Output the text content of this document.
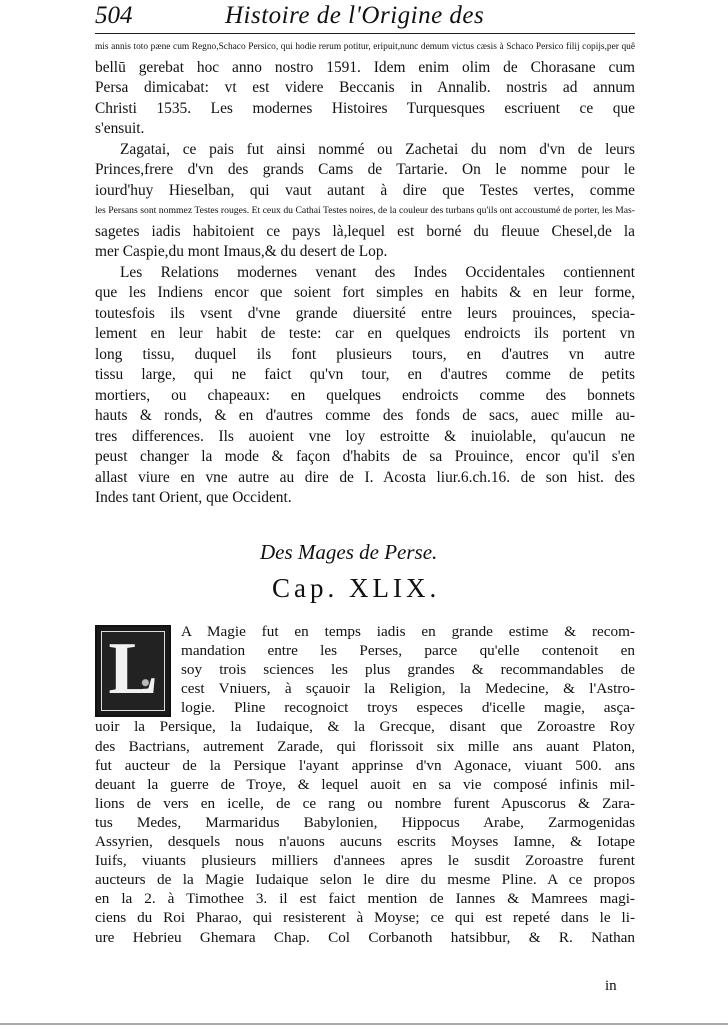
504	Histoire de l'Origine des
mis annis toto pæne cum Regno,Schaco Persico, qui hodie rerum potitur, eripuit,nunc demum victus cæsis à Schaco Persico filij copijs,per quê
bellū gerebat hoc anno nostro 1591. Idem enim olim de Chorasane cum
Persa dimicabat: vt est videre Beccanis in Annalib. nostris ad annum
Christi 1535. Les modernes Histoires Turquesques escriuent ce que
s'ensuit.
Zagatai, ce pais fut ainsi nommé ou Zachetai du nom d'vn de leurs
Princes,frere d'vn des grands Cams de Tartarie. On le nomme pour le
iourd'huy Hieselban, qui vaut autant à dire que Testes vertes, comme
les Persans sont nommez Testes rouges. Et ceux du Cathai Testes noires, de la couleur des turbans qu'ils ont accoustumé de porter, les Mas-
sagetes iadis habitoient ce pays là,lequel est borné du fleuue Chesel,de la
mer Caspie,du mont Imaus,& du desert de Lop.
Les Relations modernes venant des Indes Occidentales contiennent
que les Indiens encor que soient fort simples en habits & en leur forme,
toutesfois ils vsent d'vne grande diuersité entre leurs prouinces, specia-
lement en leur habit de teste: car en quelques endroicts ils portent vn
long tissu, duquel ils font plusieurs tours, en d'autres vn autre
tissu large, qui ne faict qu'vn tour, en d'autres comme de petits
mortiers, ou chapeaux: en quelques endroicts comme des bonnets
hauts & ronds, & en d'autres comme des fonds de sacs, auec mille au-
tres differences. Ils auoient vne loy estroitte & inuiolable, qu'aucun ne
peust changer la mode & façon d'habits de sa Prouince, encor qu'il s'en
allast viure en vne autre au dire de I. Acosta liur.6.ch.16. de son hist. des
Indes tant Orient, que Occident.
Des Mages de Perse.
Cap. XLIX.
L	A Magie fut en temps iadis en grande estime & recom-
mandation entre les Perses, parce qu'elle contenoit en
soy trois sciences les plus grandes & recommandables de
cest Vniuers, à sçauoir la Religion, la Medecine, & l'Astro-
logie. Pline recognoict troys especes d'icelle magie, asça-
uoir la Persique, la Iudaique, & la Grecque, disant que Zoroastre Roy
des Bactrians, autrement Zarade, qui florissoit six mille ans auant Platon,
fut aucteur de la Persique l'ayant apprinse d'vn Agonace, viuant 500. ans
deuant la guerre de Troye, & lequel auoit en sa vie composé infinis mil-
lions de vers en icelle, de ce rang ou nombre furent Apuscorus & Zara-
tus Medes, Marmaridus Babylonien, Hippocus Arabe, Zarmogenidas
Assyrien, desquels nous n'auons aucuns escrits Moyses Iamne, & Iotape
Iuifs, viuants plusieurs milliers d'annees apres le susdit Zoroastre furent
aucteurs de la Magie Iudaique selon le dire du mesme Pline. A ce propos
en la 2. à Timothee 3. il est faict mention de Iannes & Mamrees magi-
ciens du Roi Pharao, qui resisterent à Moyse; ce qui est repeté dans le li-
ure Hebrieu Ghemara Chap. Col Corbanoth hatsibbur, & R. Nathan
in
